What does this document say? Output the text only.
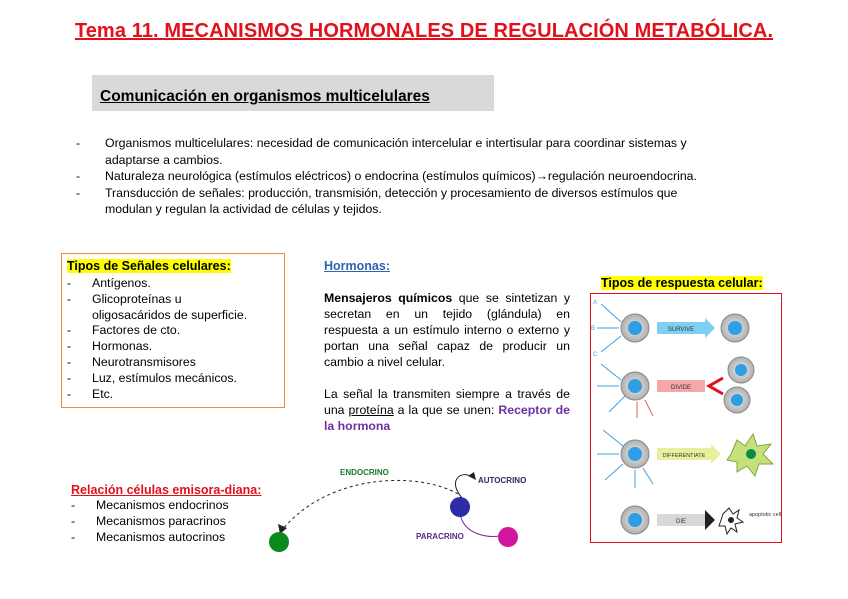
Tema 11. MECANISMOS HORMONALES DE REGULACIÓN METABÓLICA.
Comunicación en organismos multicelulares
-	Organismos multicelulares: necesidad de comunicación intercelular e intertisular para coordinar sistemas y
adaptarse a cambios.
-	Naturaleza neurológica (estímulos eléctricos) o endocrina (estímulos químicos)→regulación neuroendocrina.
-	Transducción de señales: producción, transmisión, detección y procesamiento de diversos estímulos que
modulan y regulan la actividad de células y tejidos.
Tipos de Señales celulares:
-	Antígenos.
-	Glicoproteínas u
oligosacáridos de superficie.
-	Factores de cto.
-	Hormonas.
-	Neurotransmisores
-	Luz, estímulos mecánicos.
-	Etc.
Hormonas:
Mensajeros químicos que se sintetizan y secretan en un tejido (glándula) en respuesta a un estímulo interno o externo y portan una señal capaz de producir un cambio a nivel celular.
La señal la transmiten siempre a través de una proteína a la que se unen: Receptor de la hormona
Tipos de respuesta celular:
A
B
C
SURVIVE
DIVIDE
DIFFERENTIATE
DIE
apoptotic cell
Relación células emisora-diana:
-	Mecanismos endocrinos
-	Mecanismos paracrinos
-	Mecanismos autocrinos
ENDOCRINO
AUTOCRINO
PARACRINO
